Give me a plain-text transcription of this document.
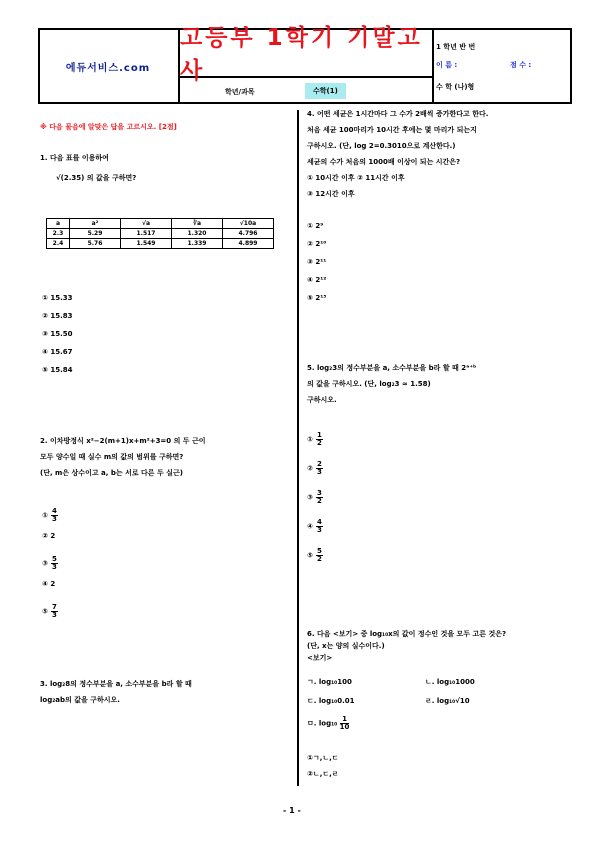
에듀서비스.com
고등부 1학기 기말고사
학년/과목	수학(1)
1 학년 반 번
이 름 :	점 수 :
수 학 (나)형
※ 다음 물음에 알맞은 답을 고르시오. [2점]
1. 다음 표를 이용하여
√(2.35) 의 값을 구하면?
a	a²	√a	∛a	√10a
2.3	5.29	1.517	1.320	4.796
2.4	5.76	1.549	1.339	4.899
① 15.33
② 15.83
③ 15.50
④ 15.67
⑤ 15.84
2. 이차방정식 x²−2(m+1)x+m²+3=0 의 두 근이
모두 양수일 때 실수 m의 값의 범위를 구하면?
(단, m은 상수이고 a, b는 서로 다른 두 실근)
① $\frac{4}{3}$
② 2
③ $\frac{5}{3}$
④ 2
⑤ $\frac{7}{3}$
3. log₂8의 정수부분을 a, 소수부분을 b라 할 때
log₂ab의 값을 구하시오.
4. 어떤 세균은 1시간마다 그 수가 2배씩 증가한다고 한다.
처음 세균 100마리가 10시간 후에는 몇 마리가 되는지
구하시오. (단, log 2=0.3010으로 계산한다.)
세균의 수가 처음의 1000배 이상이 되는 시간은?
① 10시간 이후 ② 11시간 이후
③ 12시간 이후
① 2⁹
② 2¹⁰
③ 2¹¹
④ 2¹²
⑤ 2¹³
5. log₂3의 정수부분을 a, 소수부분을 b라 할 때 2ᵃ⁺ᵇ
의 값을 구하시오. (단, log₂3 ≈ 1.58)
구하시오.
① $\frac{1}{2}$
② $\frac{2}{3}$
③ $\frac{3}{2}$
④ $\frac{4}{3}$
⑤ $\frac{5}{2}$
6. 다음 <보기> 중 log₁₀x의 값이 정수인 것을 모두 고른 것은?
(단, x는 양의 실수이다.)
<보기>
ㄱ. log₁₀100	ㄴ. log₁₀1000
ㄷ. log₁₀0.01	ㄹ. log₁₀√10
ㅁ. $\log_{10} \frac{1}{10}$
①ㄱ,ㄴ,ㄷ
②ㄴ,ㄷ,ㄹ
- 1 -
